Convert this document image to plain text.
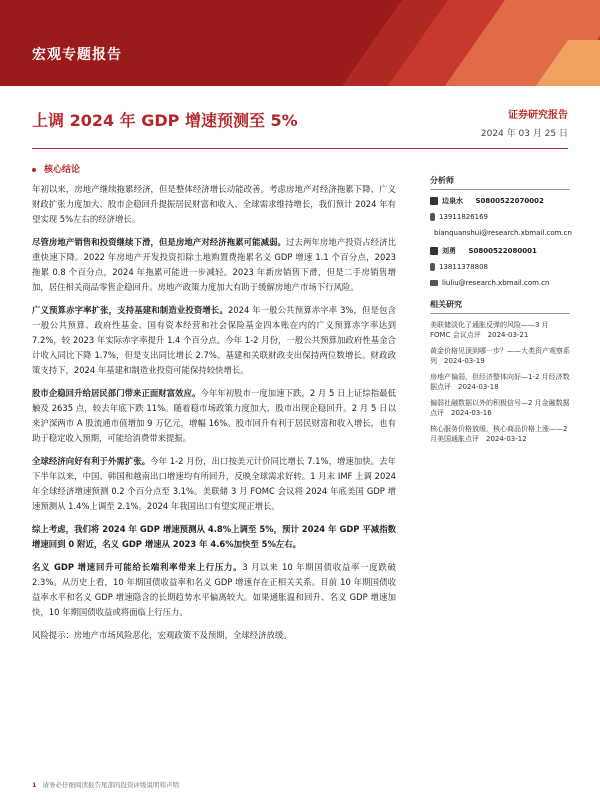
宏观专题报告
上调 2024 年 GDP 增速预测至 5%	证券研究报告
2024 年 03 月 25 日
核心结论

年初以来，房地产继续拖累经济，但是整体经济增长动能改善。考虑房地产对经济拖累下降、广义财政扩张力度加大、股市企稳回升提振居民财富和收入、全球需求维持增长，我们预计 2024 年有望实现 5%左右的经济增长。

尽管房地产销售和投资继续下滑，但是房地产对经济拖累可能减弱。过去两年房地产投资占经济比重快速下降。2022 年房地产开发投资扣除土地购置费拖累名义 GDP 增速 1.1 个百分点，2023 拖累 0.8 个百分点，2024 年拖累可能进一步减轻。2023 年新房销售下滑，但是二手房销售增加，居住相关商品零售企稳回升。房地产政策力度加大有助于缓解房地产市场下行风险。

广义预算赤字率扩张，支持基建和制造业投资增长。2024 年一般公共预算赤字率 3%，但是包含一般公共预算、政府性基金、国有资本经营和社会保险基金四本账在内的广义预算赤字率达到 7.2%，较 2023 年实际赤字率提升 1.4 个百分点。今年 1-2 月份，一般公共预算加政府性基金合计收入同比下降 1.7%，但是支出同比增长 2.7%。基建和关联财政支出保持两位数增长。财政政策支持下，2024 年基建和制造业投资可能保持较快增长。

股市企稳回升给居民部门带来正面财富效应。今年年初股市一度加速下跌，2 月 5 日上证综指最低触及 2635 点，较去年底下跌 11%。随着稳市场政策力度加大，股市出现企稳回升。2 月 5 日以来沪深两市 A 股流通市值增加 9 万亿元，增幅 16%。股市回升有利于居民财富和收入增长，也有助于稳定收入预期，可能给消费带来提振。

全球经济向好有利于外需扩张。今年 1-2 月份，出口按美元计价同比增长 7.1%，增速加快。去年下半年以来，中国、韩国和越南出口增速均有所回升，反映全球需求好转。1 月末 IMF 上调 2024 年全球经济增速预测 0.2 个百分点至 3.1%。美联储 3 月 FOMC 会议将 2024 年底美国 GDP 增速预测从 1.4%上调至 2.1%。2024 年我国出口有望实现正增长。

综上考虑，我们将 2024 年 GDP 增速预测从 4.8%上调至 5%，预计 2024 年 GDP 平减指数增速回到 0 附近，名义 GDP 增速从 2023 年 4.6%加快至 5%左右。

名义 GDP 增速回升可能给长端利率带来上行压力。3 月以来 10 年期国债收益率一度跌破 2.3%。从历史上看，10 年期国债收益率和名义 GDP 增速存在正相关关系。目前 10 年期国债收益率水平和名义 GDP 增速隐含的长期趋势水平偏离较大。如果通胀温和回升、名义 GDP 增速加快，10 年期国债收益或将面临上行压力。

风险提示：房地产市场风险恶化，宏观政策不及预期，全球经济放缓。

分析师
边泉水
S0800522070002
13911826169
bianquanshui@research.xbmail.com.cn
刘勇
S0800522080001
13811378808
liuliu@research.xbmail.com.cn
相关研究
美联储淡化了通胀反弹的风险——3 月 FOMC 会议点评　2024-03-21
黄金价格见顶到哪一步？——大类资产观察系列　2024-03-19
房地产偏弱，但经济整体向好—1-2 月经济数据点评　2024-03-18
偏弱社融数据以外的积极信号—2 月金融数据点评　2024-03-16
核心服务价格放缓，核心商品价格上涨——2 月美国通胀点评　2024-03-12
1 请务必仔细阅读报告尾部的投资评级说明和声明
